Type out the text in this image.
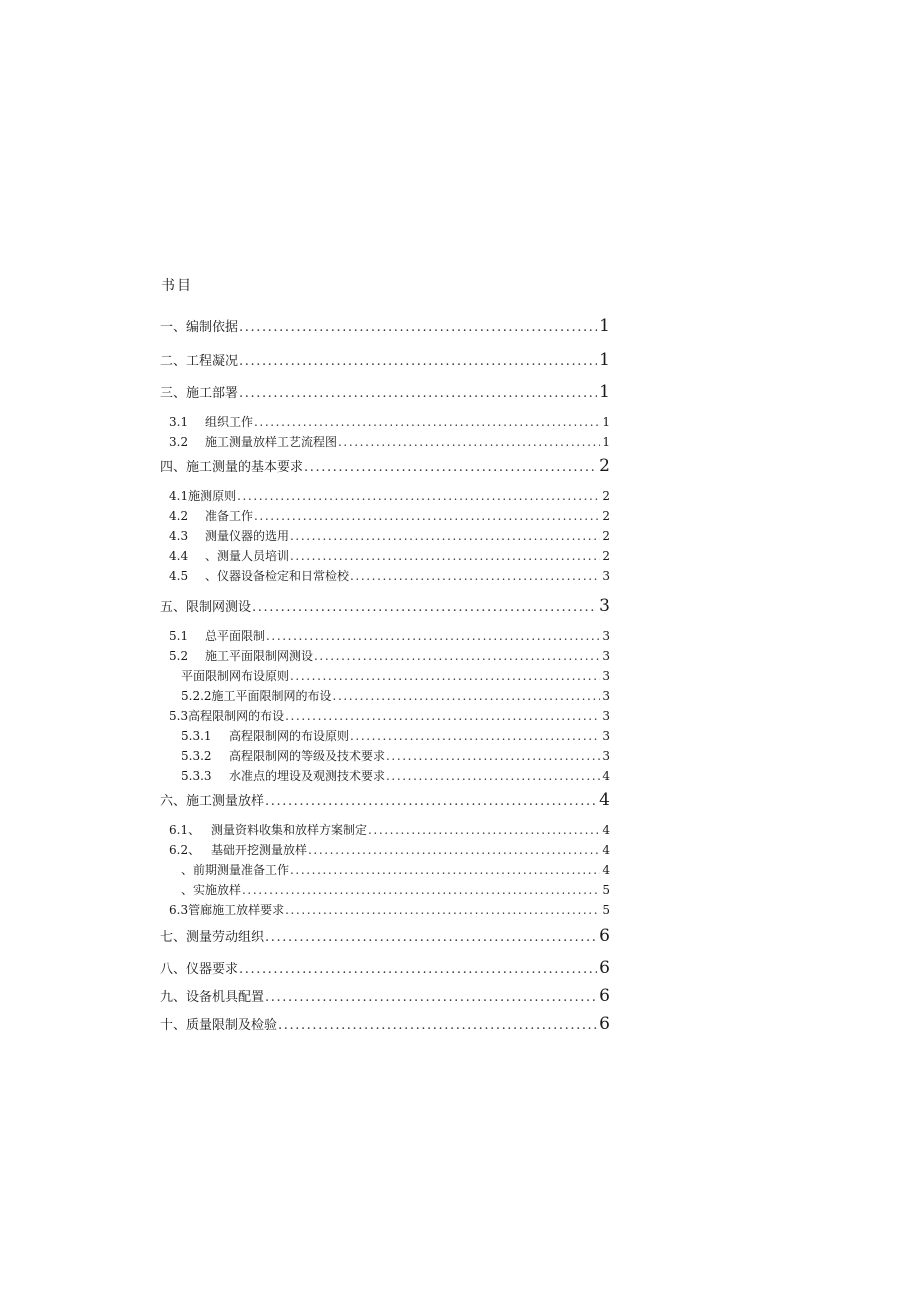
书目
一、编制依据 .....	1
二、工程凝况 .....	1
三、施工部署 .....	1
3.1	组织工作 .....	1
3.2	施工测量放样工艺流程图 .....	1
四、施工测量的基本要求 .....	2
4.1施测原则 .....	2
4.2	准备工作 .....	2
4.3	测量仪器的选用 .....	2
4.4	、测量人员培训 .....	2
4.5	、仪器设备检定和日常检校 .....	3
五、限制网测设 .....	3
5.1	总平面限制 .....	3
5.2	施工平面限制网测设 .....	3
平面限制网布设原则 .....	3
5.2.2施工平面限制网的布设 .....	3
5.3高程限制网的布设 .....	3
5.3.1	高程限制网的布设原则 .....	3
5.3.2	高程限制网的等级及技术要求 .....	3
5.3.3	水准点的埋设及观测技术要求 .....	4
六、施工测量放样 .....	4
6.1、 测量资料收集和放样方案制定 .....	4
6.2、 基础开挖测量放样 .....	4
、前期测量准备工作 .....	4
、实施放样 .....	5
6.3管廊施工放样要求 .....	5
七、测量劳动组织 .....	6
八、仪器要求 .....	6
九、设备机具配置 .....	6
十、质量限制及检验 .....	6
